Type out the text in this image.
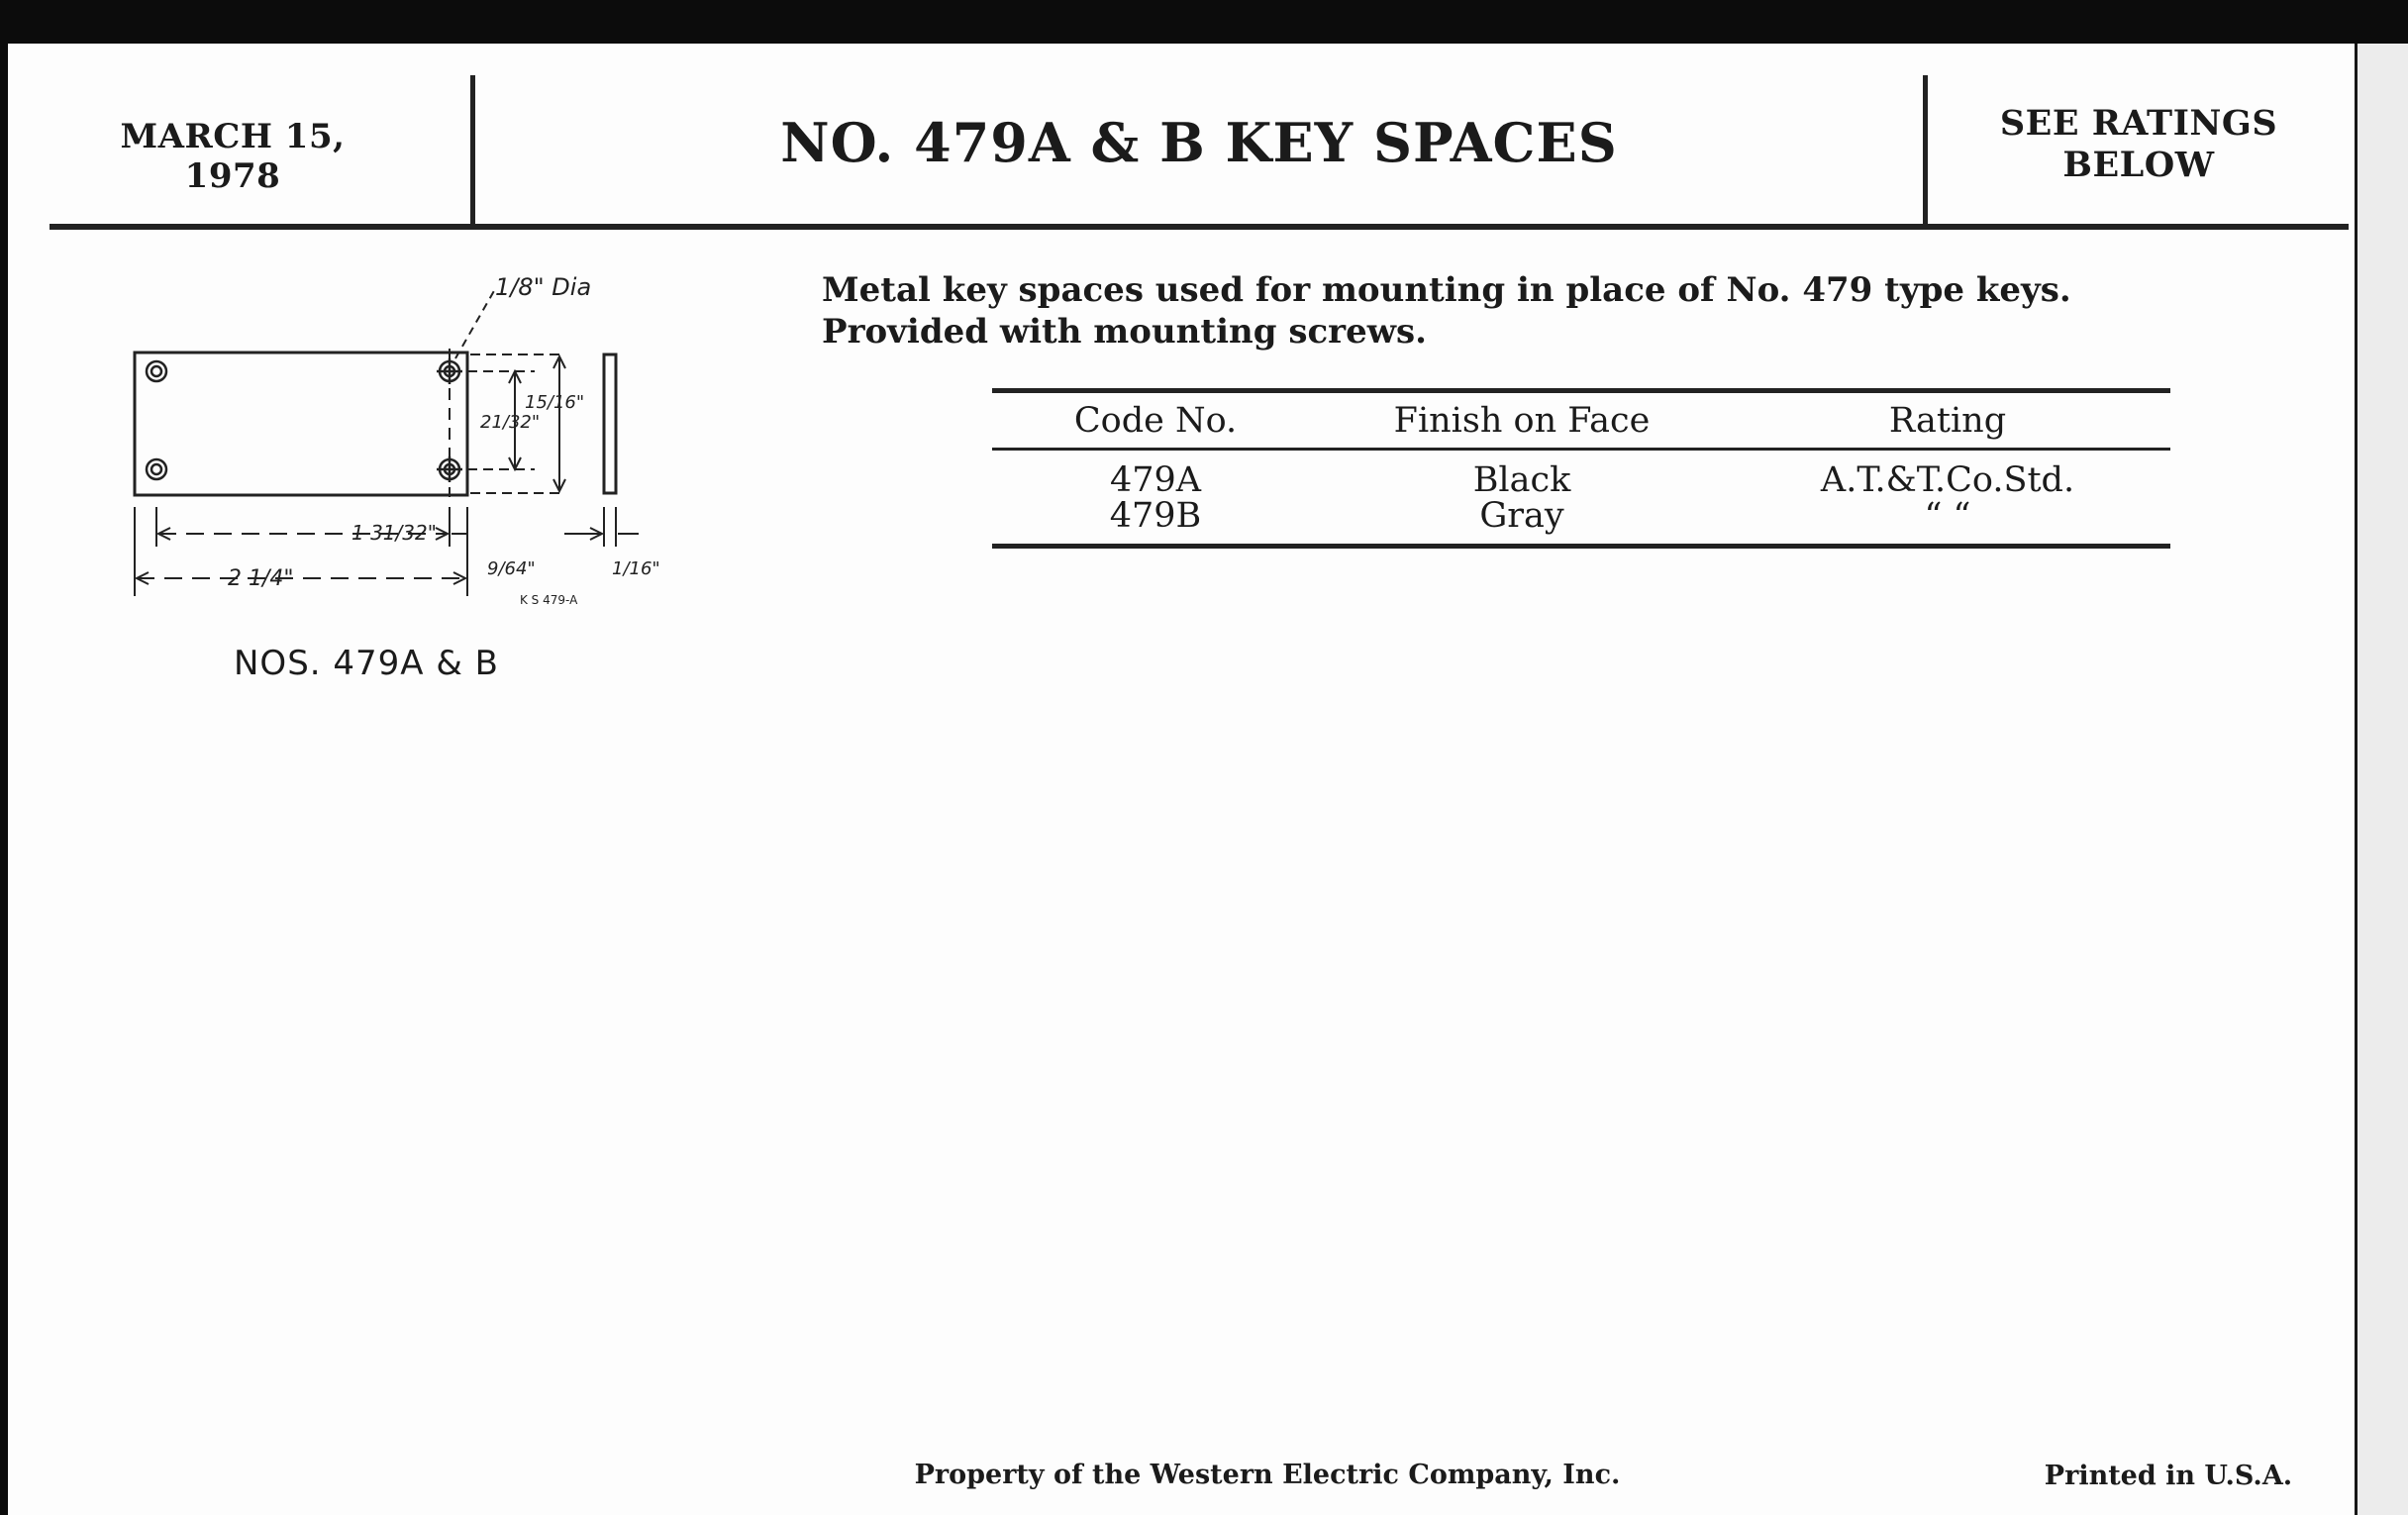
MARCH 15, 1978
NO. 479A & B KEY SPACES	SEE RATINGS
BELOW
Metal key spaces used for mounting in place of No. 479 type keys.
Provided with mounting screws.
Code No.	Finish on Face	Rating
479A	Black	A.T.&T.Co.Std.
479B	Gray	“ “
1/8" Dia
21/32"
15/16"
1 31/32"
2 1/4"	9/64"	1/16"
K S 479-A
NOS. 479A & B
Property of the Western Electric Company, Inc.	Printed in U.S.A.
